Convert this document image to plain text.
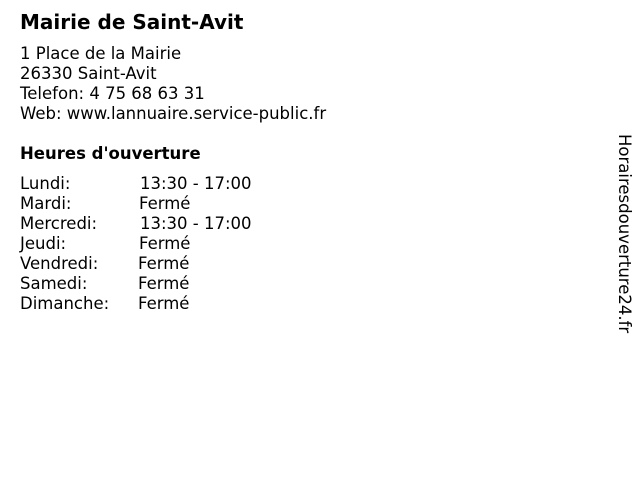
Mairie de Saint-Avit
1 Place de la Mairie
26330 Saint-Avit
Telefon: 4 75 68 63 31
Web: www.lannuaire.service-public.fr
Heures d'ouverture
Lundi:	13:30 - 17:00
Mardi:	Fermé
Mercredi:	13:30 - 17:00
Jeudi:	Fermé
Vendredi: Fermé
Samedi:	Fermé
Dimanche: Fermé	Horairesdouverture24.fr
